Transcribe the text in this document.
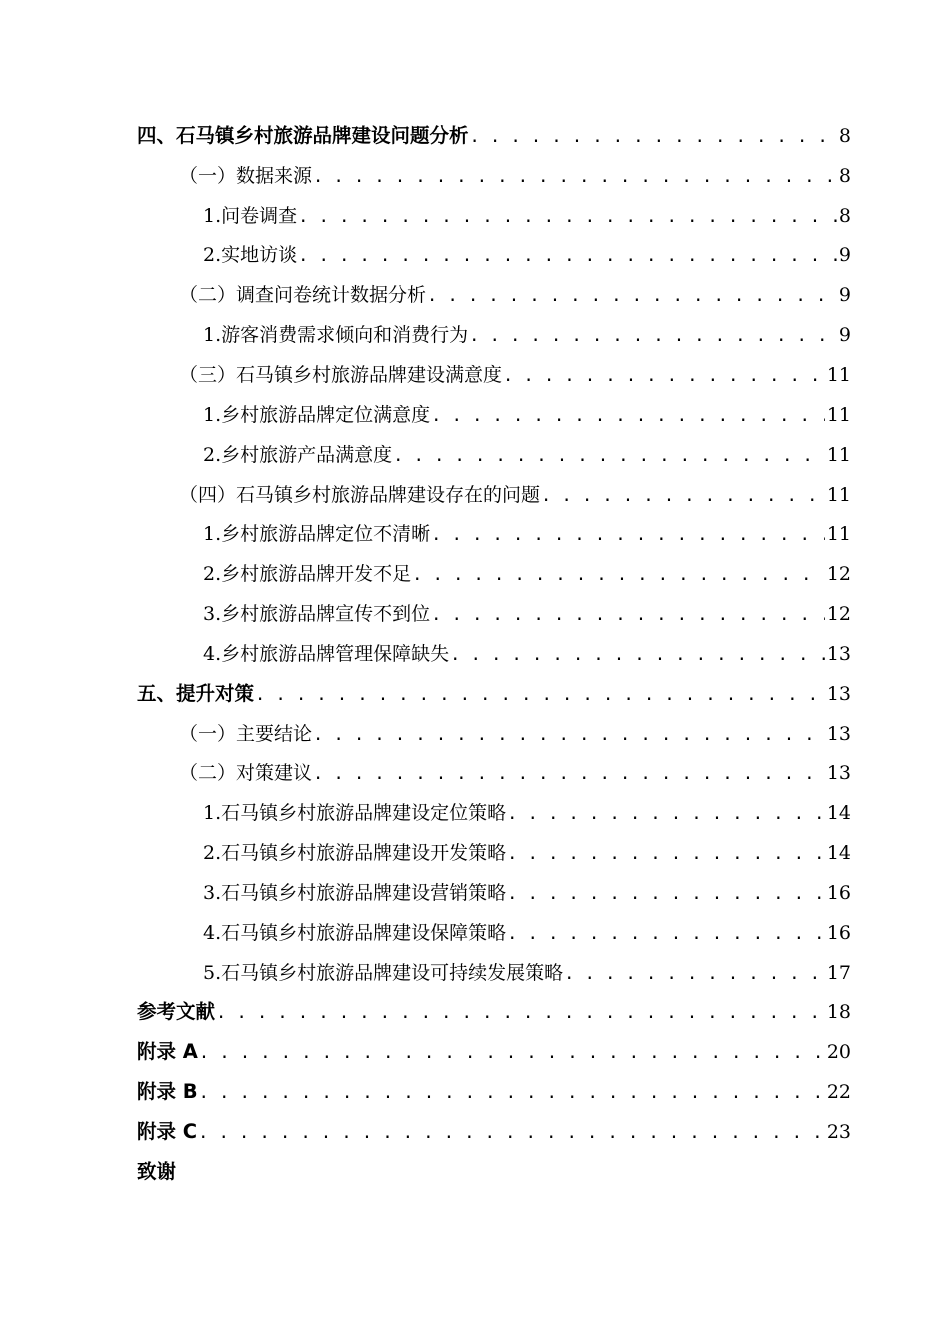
四、石马镇乡村旅游品牌建设问题分析 . . .	8
（一）数据来源 . . .	8
1.问卷调查 . . .	8
2.实地访谈 . . .	9
（二）调查问卷统计数据分析 . . .	9
1.游客消费需求倾向和消费行为 . . .	9
（三）石马镇乡村旅游品牌建设满意度 . . .	11
1.乡村旅游品牌定位满意度 . . .	11
2.乡村旅游产品满意度 . . .	11
（四）石马镇乡村旅游品牌建设存在的问题 . . .	11
1.乡村旅游品牌定位不清晰 . . .	11
2.乡村旅游品牌开发不足 . . .	12
3.乡村旅游品牌宣传不到位 . . .	12
4.乡村旅游品牌管理保障缺失 . . .	13
五、提升对策 . . .	13
（一）主要结论 . . .	13
（二）对策建议 . . .	13
1.石马镇乡村旅游品牌建设定位策略 . . .	14
2.石马镇乡村旅游品牌建设开发策略 . . .	14
3.石马镇乡村旅游品牌建设营销策略 . . .	16
4.石马镇乡村旅游品牌建设保障策略 . . .	16
5.石马镇乡村旅游品牌建设可持续发展策略 . . .	17
参考文献 . . .	18
附录 A . . .	20
附录 B . . .	22
附录 C . . .	23
致谢
